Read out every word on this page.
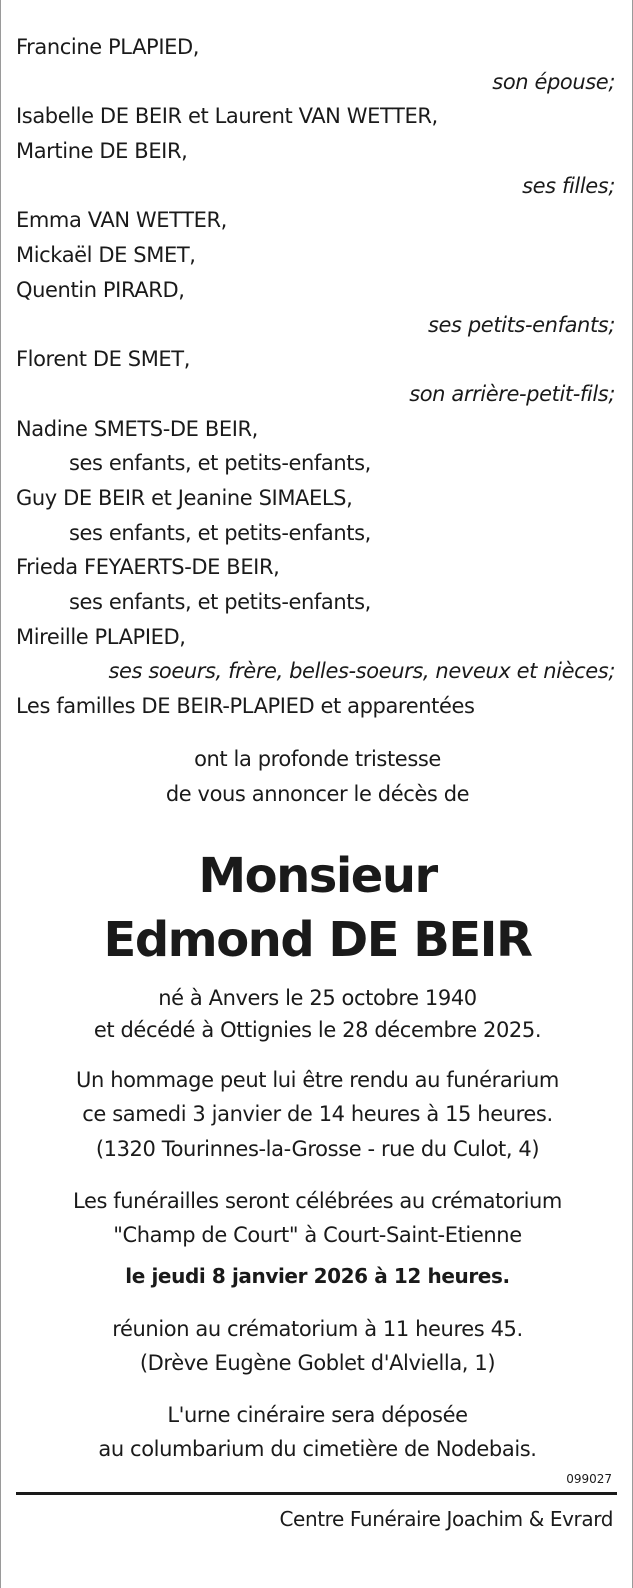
Francine PLAPIED,
son épouse;
Isabelle DE BEIR et Laurent VAN WETTER,
Martine DE BEIR,
ses filles;
Emma VAN WETTER,
Mickaël DE SMET,
Quentin PIRARD,
ses petits-enfants;
Florent DE SMET,
son arrière-petit-fils;
Nadine SMETS-DE BEIR,
ses enfants, et petits-enfants,
Guy DE BEIR et Jeanine SIMAELS,
ses enfants, et petits-enfants,
Frieda FEYAERTS-DE BEIR,
ses enfants, et petits-enfants,
Mireille PLAPIED,
ses soeurs, frère, belles-soeurs, neveux et nièces;
Les familles DE BEIR-PLAPIED et apparentées
ont la profonde tristesse
de vous annoncer le décès de
Monsieur
Edmond DE BEIR
né à Anvers le 25 octobre 1940
et décédé à Ottignies le 28 décembre 2025.
Un hommage peut lui être rendu au funérarium
ce samedi 3 janvier de 14 heures à 15 heures.
(1320 Tourinnes-la-Grosse - rue du Culot, 4)
Les funérailles seront célébrées au crématorium
"Champ de Court" à Court-Saint-Etienne
le jeudi 8 janvier 2026 à 12 heures.
réunion au crématorium à 11 heures 45.
(Drève Eugène Goblet d'Alviella, 1)
L'urne cinéraire sera déposée
au columbarium du cimetière de Nodebais.
099027
Centre Funéraire Joachim & Evrard
